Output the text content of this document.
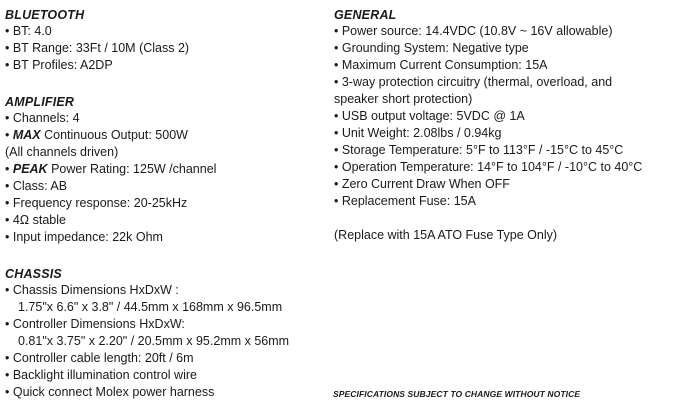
BLUETOOTH
• BT: 4.0
• BT Range: 33Ft / 10M (Class 2)
• BT Profiles: A2DP
AMPLIFIER
• Channels: 4
• MAX Continuous Output: 500W
(All channels driven)
• PEAK Power Rating: 125W /channel
• Class: AB
• Frequency response: 20-25kHz
• 4Ω stable
• Input impedance: 22k Ohm
CHASSIS
• Chassis Dimensions HxDxW :
1.75"x 6.6" x 3.8" / 44.5mm x 168mm x 96.5mm
• Controller Dimensions HxDxW:
0.81"x 3.75" x 2.20" / 20.5mm x 95.2mm x 56mm
• Controller cable length: 20ft / 6m
• Backlight illumination control wire
• Quick connect Molex power harness
GENERAL
• Power source: 14.4VDC (10.8V ~ 16V allowable)
• Grounding System: Negative type
• Maximum Current Consumption: 15A
• 3-way protection circuitry (thermal, overload, and
speaker short protection)
• USB output voltage: 5VDC @ 1A
• Unit Weight: 2.08lbs / 0.94kg
• Storage Temperature: 5°F to 113°F / -15°C to 45°C
• Operation Temperature: 14°F to 104°F / -10°C to 40°C
• Zero Current Draw When OFF
• Replacement Fuse: 15A
(Replace with 15A ATO Fuse Type Only)
SPECIFICATIONS SUBJECT TO CHANGE WITHOUT NOTICE
